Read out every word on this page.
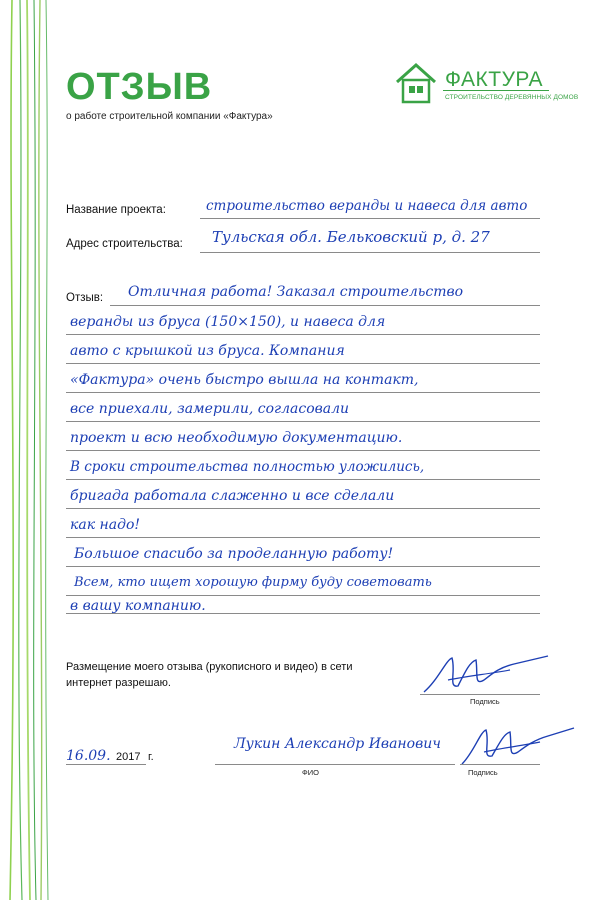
ОТЗЫВ
о работе строительной компании «Фактура»
ФАКТУРА
СТРОИТЕЛЬСТВО ДЕРЕВЯННЫХ ДОМОВ
Название проекта:	строительство веранды и навеса для авто
Адрес строительства: Тульская обл. Бельковский р, д. 27
Отзыв: Отличная работа! Заказал строительство
веранды из бруса (150×150), и навеса для
авто с крышкой из бруса. Компания
«Фактура» очень быстро вышла на контакт,
все приехали, замерили, согласовали
проект и всю необходимую документацию.
В сроки строительства полностью уложились,
бригада работала слаженно и все сделали
как надо!
Большое спасибо за проделанную работу!
Всем, кто ищет хорошую фирму буду советовать
в вашу компанию.
Размещение моего отзыва (рукописного и видео) в сети интернет разрешаю.
Подпись
16.09. 2017 г.
Лукин Александр Иванович
ФИО	Подпись
